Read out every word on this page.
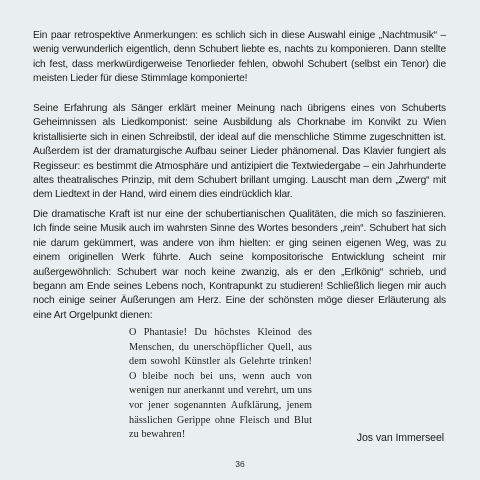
Ein paar retrospektive Anmerkungen: es schlich sich in diese Auswahl einige „Nachtmusik“ – wenig verwunderlich eigentlich, denn Schubert liebte es, nachts zu komponieren. Dann stellte ich fest, dass merkwürdigerweise Tenorlieder fehlen, obwohl Schubert (selbst ein Tenor) die meisten Lieder für diese Stimmlage komponierte!

Seine Erfahrung als Sänger erklärt meiner Meinung nach übrigens eines von Schuberts Geheimnissen als Liedkomponist: seine Ausbildung als Chorknabe im Konvikt zu Wien kristallisierte sich in einen Schreibstil, der ideal auf die menschliche Stimme zugeschnitten ist. Außerdem ist der dramaturgische Aufbau seiner Lieder phänomenal. Das Klavier fungiert als Regisseur: es bestimmt die Atmosphäre und antizipiert die Textwiedergabe – ein Jahrhunderte altes theatralisches Prinzip, mit dem Schubert brillant umging. Lauscht man dem „Zwerg“ mit dem Liedtext in der Hand, wird einem dies eindrücklich klar.

Die dramatische Kraft ist nur eine der schubertianischen Qualitäten, die mich so faszinieren. Ich finde seine Musik auch im wahrsten Sinne des Wortes besonders „rein“. Schubert hat sich nie darum gekümmert, was andere von ihm hielten: er ging seinen eigenen Weg, was zu einem originellen Werk führte. Auch seine kompositorische Entwicklung scheint mir außergewöhnlich: Schubert war noch keine zwanzig, als er den „Erlkönig“ schrieb, und begann am Ende seines Lebens noch, Kontrapunkt zu studieren! Schließlich liegen mir auch noch einige seiner Äußerungen am Herz. Eine der schönsten möge dieser Erläuterung als eine Art Orgelpunkt dienen:

O Phantasie! Du höchstes Kleinod des Menschen, du unerschöpflicher Quell, aus dem sowohl Künstler als Gelehrte trinken! O bleibe noch bei uns, wenn auch von wenigen nur anerkannt und verehrt, um uns vor jener sogenannten Aufklärung, jenem hässlichen Gerippe ohne Fleisch und Blut zu bewahren!	Jos van Immerseel

36
